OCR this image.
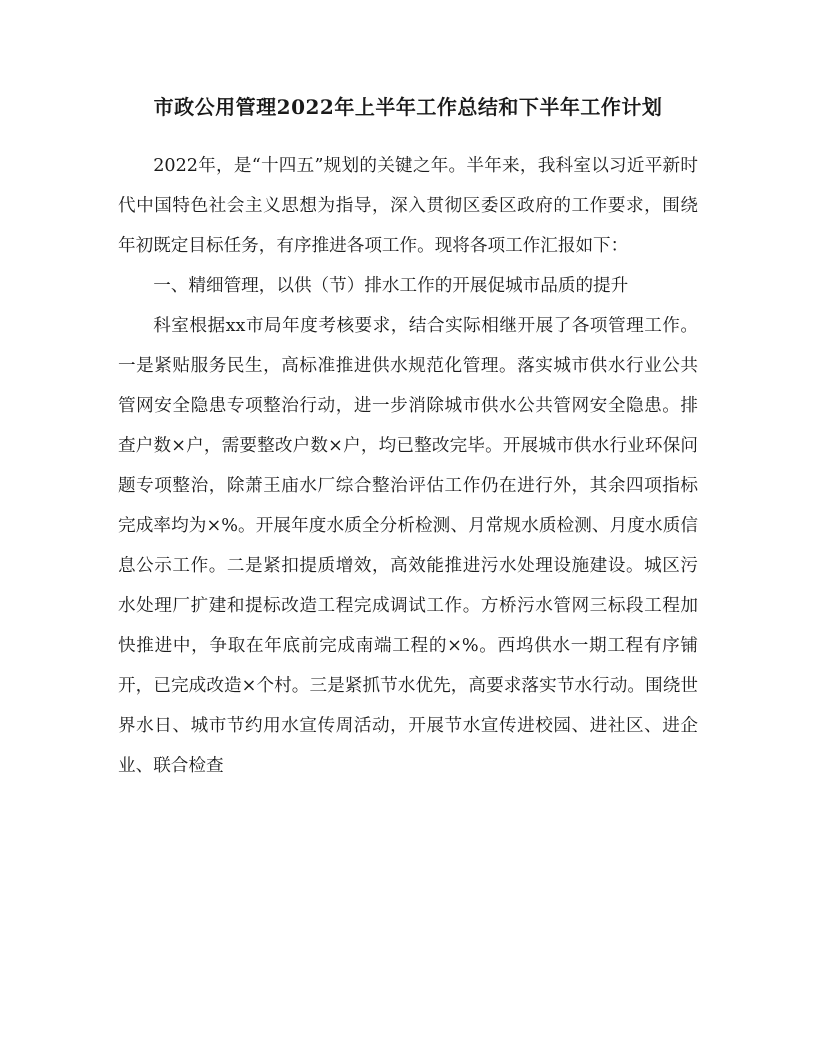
市政公用管理2022年上半年工作总结和下半年工作计划

2022年，是“十四五”规划的关键之年。半年来，我科室以习近平新时代中国特色社会主义思想为指导，深入贯彻区委区政府的工作要求，围绕年初既定目标任务，有序推进各项工作。现将各项工作汇报如下：

一、精细管理，以供（节）排水工作的开展促城市品质的提升

科室根据xx市局年度考核要求，结合实际相继开展了各项管理工作。一是紧贴服务民生，高标准推进供水规范化管理。落实城市供水行业公共管网安全隐患专项整治行动，进一步消除城市供水公共管网安全隐患。排查户数×户，需要整改户数×户，均已整改完毕。开展城市供水行业环保问题专项整治，除萧王庙水厂综合整治评估工作仍在进行外，其余四项指标完成率均为×%。开展年度水质全分析检测、月常规水质检测、月度水质信息公示工作。二是紧扣提质增效，高效能推进污水处理设施建设。城区污水处理厂扩建和提标改造工程完成调试工作。方桥污水管网三标段工程加快推进中，争取在年底前完成南端工程的×%。西坞供水一期工程有序铺开，已完成改造×个村。三是紧抓节水优先，高要求落实节水行动。围绕世界水日、城市节约用水宣传周活动，开展节水宣传进校园、进社区、进企业、联合检查
